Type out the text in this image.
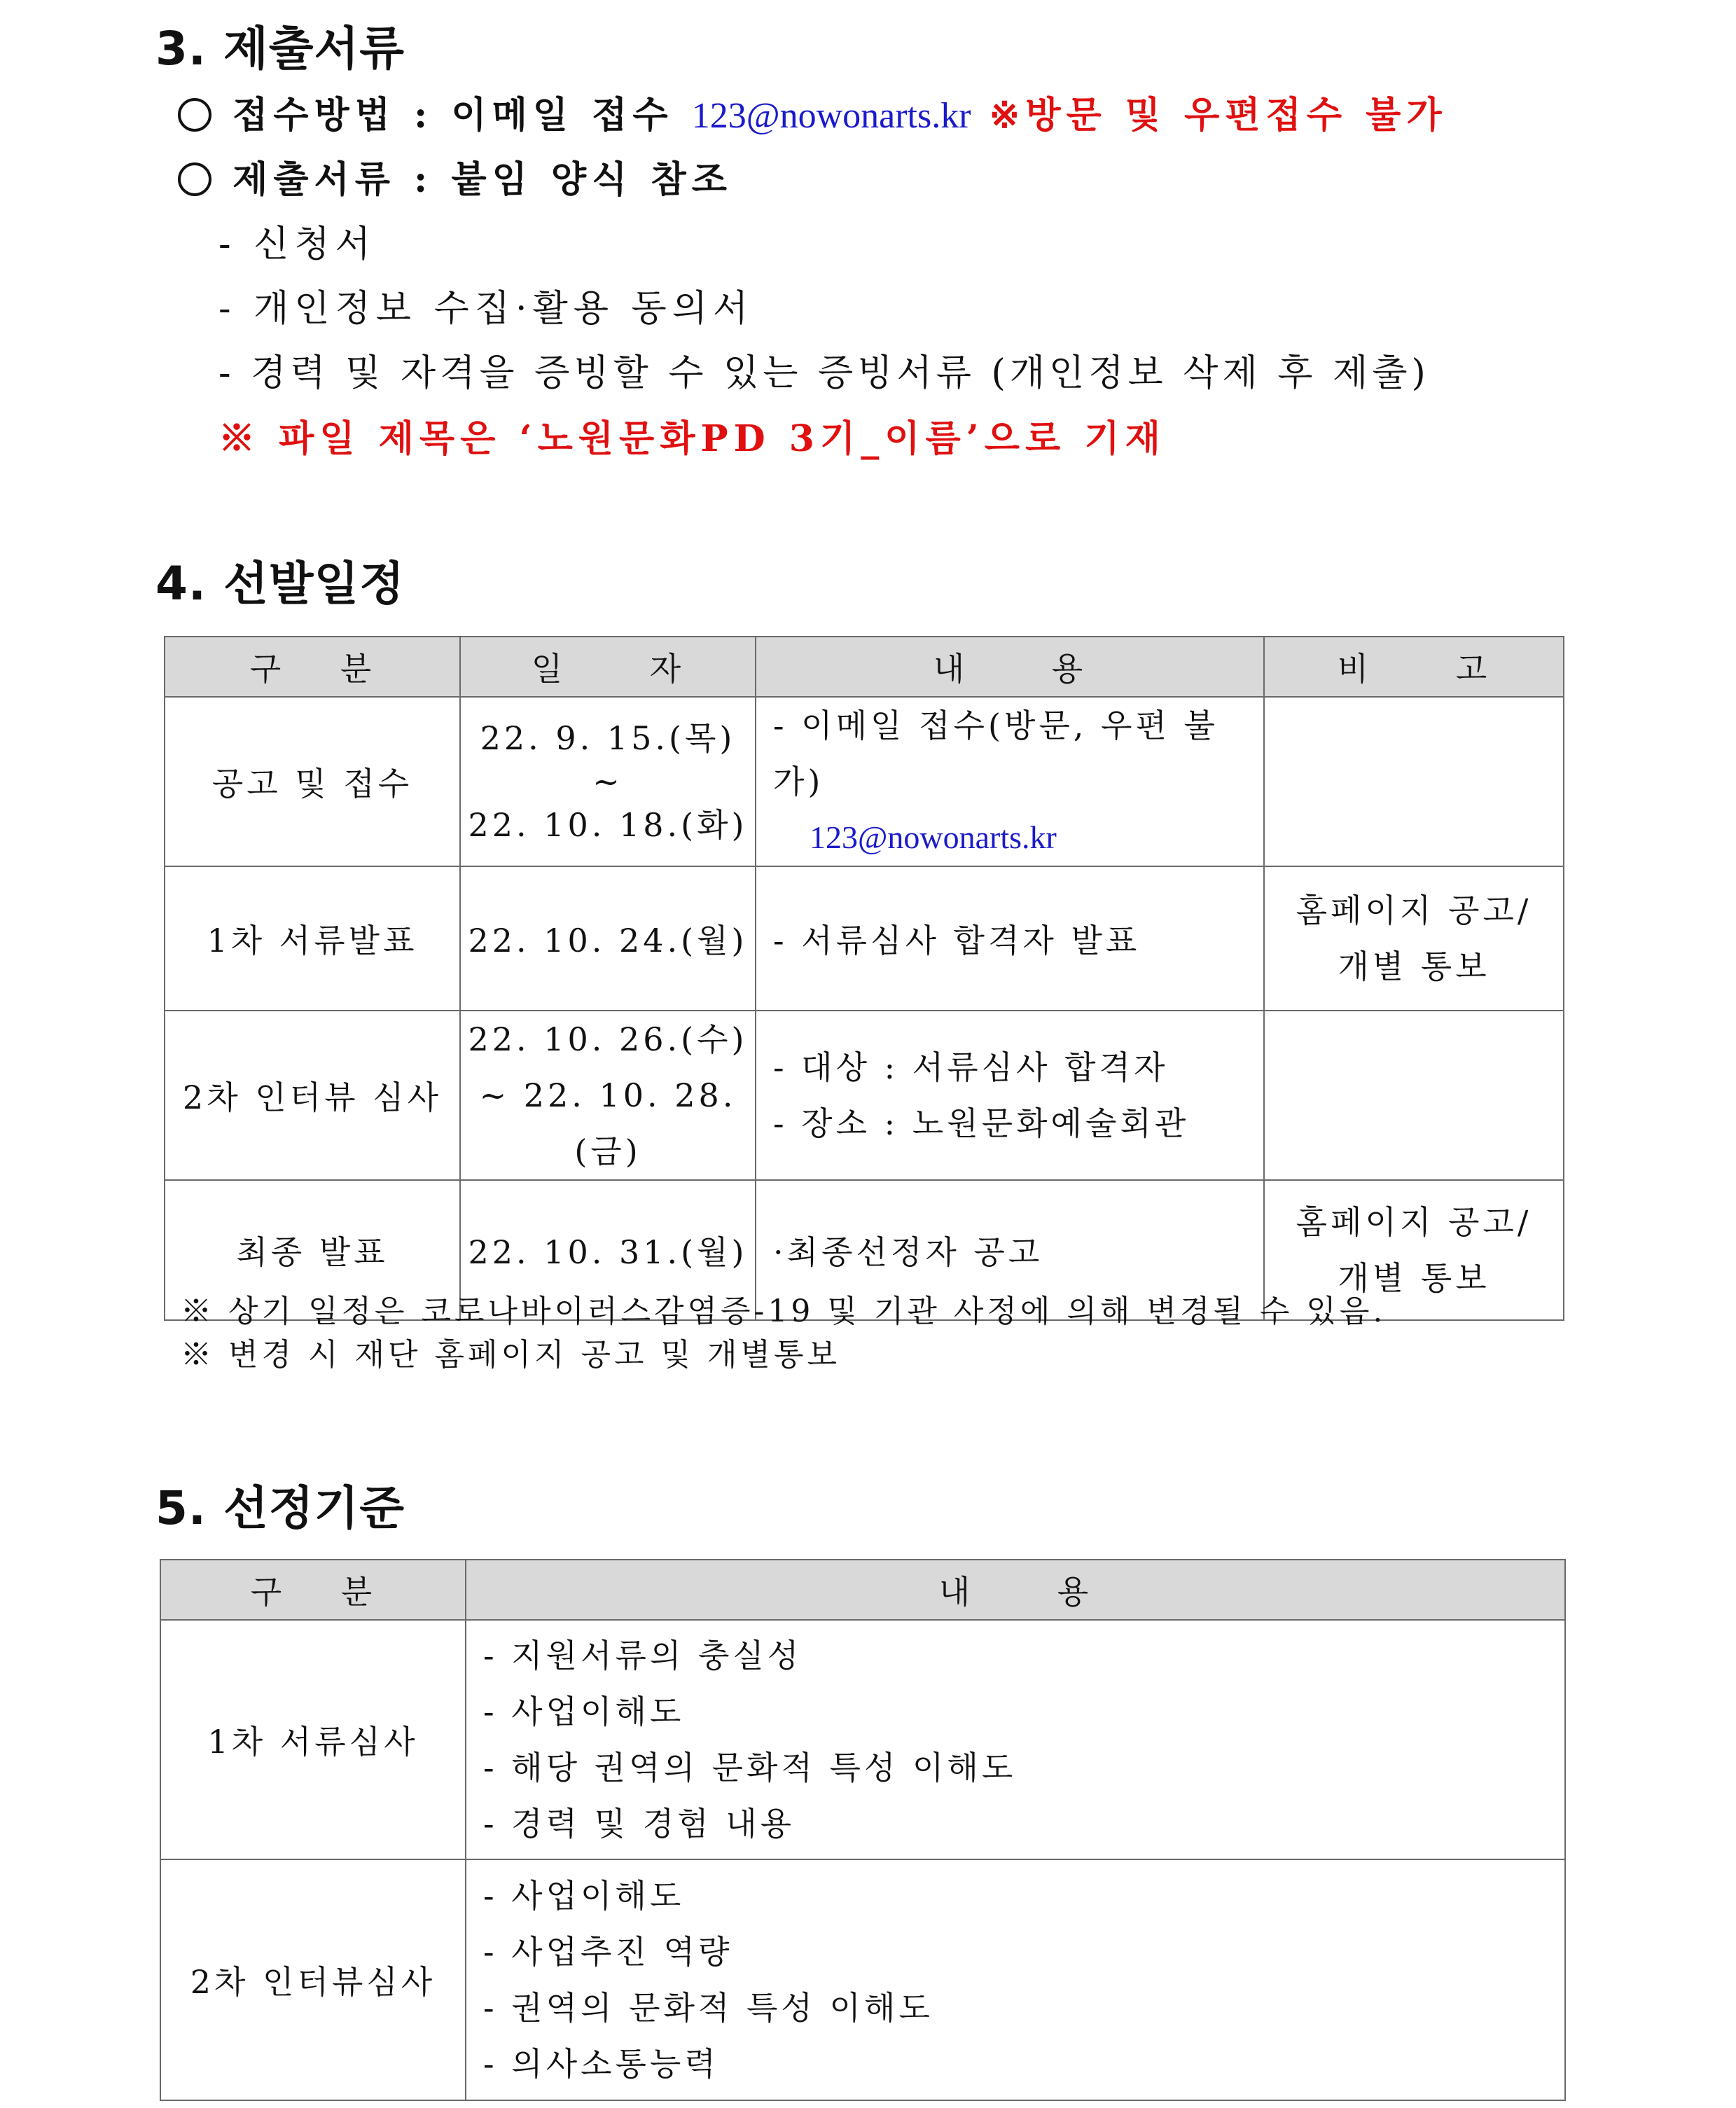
3. 제출서류
접수방법 : 이메일 접수 123@nowonarts.kr ※방문 및 우편접수 불가
제출서류 : 붙임 양식 참조
- 신청서
- 개인정보 수집·활용 동의서
- 경력 및 자격을 증빙할 수 있는 증빙서류 (개인정보 삭제 후 제출)
※ 파일 제목은 ‘노원문화PD 3기_이름’으로 기재
4. 선발일정
구 분	일 자	내 용	비 고
공고 및 접수	22. 9. 15.(목)
~
22. 10. 18.(화)	- 이메일 접수(방문, 우편 불가)
123@nowonarts.kr	

1차 서류발표	22. 10. 24.(월)	- 서류심사 합격자 발표	홈페이지 공고/
개별 통보

2차 인터뷰 심사	22. 10. 26.(수)
~ 22. 10. 28.(금)	- 대상 : 서류심사 합격자
- 장소 : 노원문화예술회관	

최종 발표	22. 10. 31.(월)	·최종선정자 공고	홈페이지 공고/
개별 통보
※ 상기 일정은 코로나바이러스감염증-19 및 기관 사정에 의해 변경될 수 있음.
※ 변경 시 재단 홈페이지 공고 및 개별통보
5. 선정기준
구 분	내 용
1차 서류심사	- 지원서류의 충실성
- 사업이해도
- 해당 권역의 문화적 특성 이해도
- 경력 및 경험 내용

2차 인터뷰심사	- 사업이해도
- 사업추진 역량
- 권역의 문화적 특성 이해도
- 의사소통능력
